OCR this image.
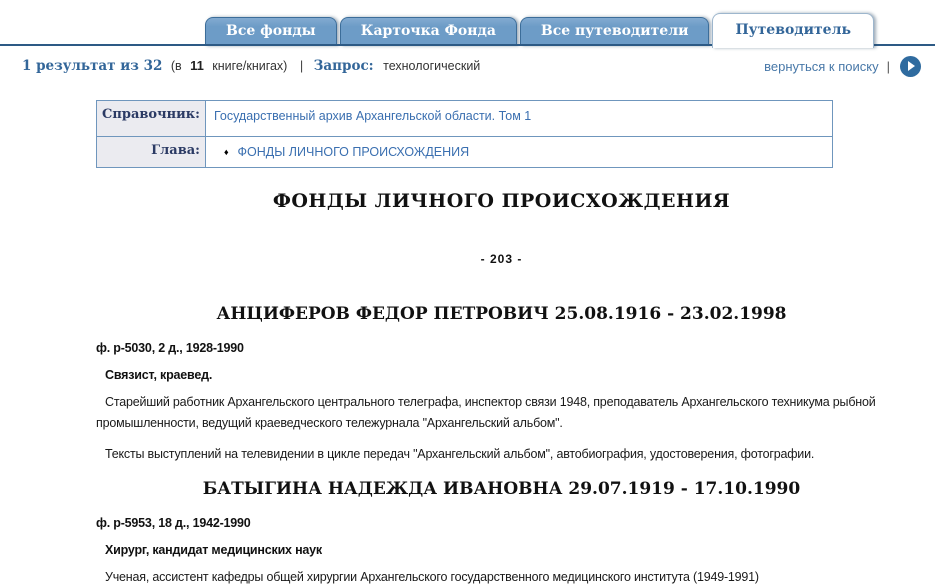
Все фонды	Карточка Фонда	Все путеводители	Путеводитель
1 результат из 32 (в 11 книге/книгах) | Запрос: технологический	вернуться к поиску |
Справочник:	Государственный архив Архангельской области. Том 1
Глава:	♦ ФОНДЫ ЛИЧНОГО ПРОИСХОЖДЕНИЯ
ФОНДЫ ЛИЧНОГО ПРОИСХОЖДЕНИЯ
- 203 -
АНЦИФЕРОВ ФЕДОР ПЕТРОВИЧ 25.08.1916 - 23.02.1998

ф. р-5030, 2 д., 1928-1990

Связист, краевед.

Старейший работник Архангельского центрального телеграфа, инспектор связи 1948, преподаватель Архангельского техникума рыбной промышленности, ведущий краеведческого тележурнала "Архангельский альбом".

Тексты выступлений на телевидении в цикле передач "Архангельский альбом", автобиография, удостоверения, фотографии.

БАТЫГИНА НАДЕЖДА ИВАНОВНА 29.07.1919 - 17.10.1990

ф. р-5953, 18 д., 1942-1990

Хирург, кандидат медицинских наук

Ученая, ассистент кафедры общей хирургии Архангельского государственного медицинского института (1949-1991)
